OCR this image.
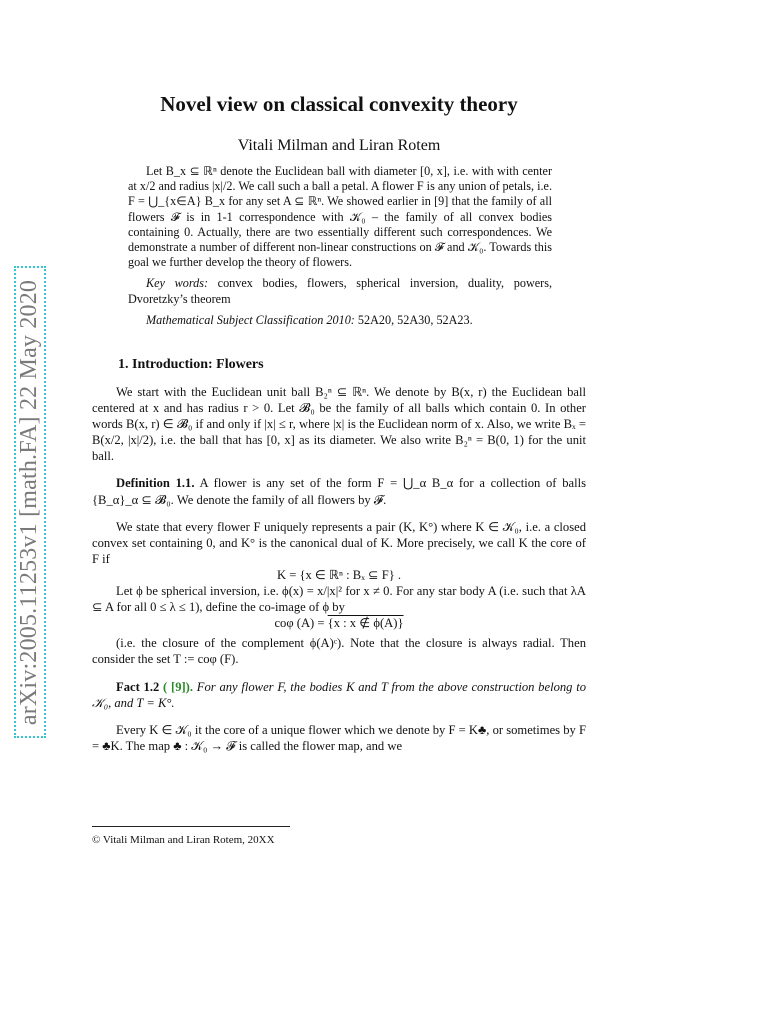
arXiv:2005.11253v1 [math.FA] 22 May 2020
Novel view on classical convexity theory
Vitali Milman and Liran Rotem

Let B_x ⊆ ℝⁿ denote the Euclidean ball with diameter [0, x], i.e. with with center at x/2 and radius |x|/2. We call such a ball a petal. A flower F is any union of petals, i.e. F = ⋃_{x∈A} B_x for any set A ⊆ ℝⁿ. We showed earlier in [9] that the family of all flowers 𝓕 is in 1-1 correspondence with 𝒦₀ – the family of all convex bodies containing 0. Actually, there are two essentially different such correspondences. We demonstrate a number of different non-linear constructions on 𝓕 and 𝒦₀. Towards this goal we further develop the theory of flowers.

Key words: convex bodies, flowers, spherical inversion, duality, powers, Dvoretzky’s theorem

Mathematical Subject Classification 2010: 52A20, 52A30, 52A23.

1. Introduction: Flowers

We start with the Euclidean unit ball B₂ⁿ ⊆ ℝⁿ. We denote by B(x, r) the Euclidean ball centered at x and has radius r > 0. Let 𝓑₀ be the family of all balls which contain 0. In other words B(x, r) ∈ 𝓑₀ if and only if |x| ≤ r, where |x| is the Euclidean norm of x. Also, we write Bₓ = B(x/2, |x|/2), i.e. the ball that has [0, x] as its diameter. We also write B₂ⁿ = B(0, 1) for the unit ball.

Definition 1.1. A flower is any set of the form F = ⋃_α B_α for a collection of balls {B_α}_α ⊆ 𝓑₀. We denote the family of all flowers by 𝓕.

We state that every flower F uniquely represents a pair (K, K°) where K ∈ 𝒦₀, i.e. a closed convex set containing 0, and K° is the canonical dual of K. More precisely, we call K the core of F if

K = {x ∈ ℝⁿ : Bₓ ⊆ F} .

Let ϕ be spherical inversion, i.e. ϕ(x) = x/|x|² for x ≠ 0. For any star body A (i.e. such that λA ⊆ A for all 0 ≤ λ ≤ 1), define the co-image of ϕ by

coφ (A) = {x : x ∉ ϕ(A)}

(i.e. the closure of the complement ϕ(A)ᶜ). Note that the closure is always radial. Then consider the set T := coφ (F).

Fact 1.2 ( [9]). For any flower F, the bodies K and T from the above construction belong to 𝒦₀, and T = K°.

Every K ∈ 𝒦₀ it the core of a unique flower which we denote by F = K♣, or sometimes by F = ♣K. The map ♣ : 𝒦₀ → 𝓕 is called the flower map, and we

© Vitali Milman and Liran Rotem, 20XX
